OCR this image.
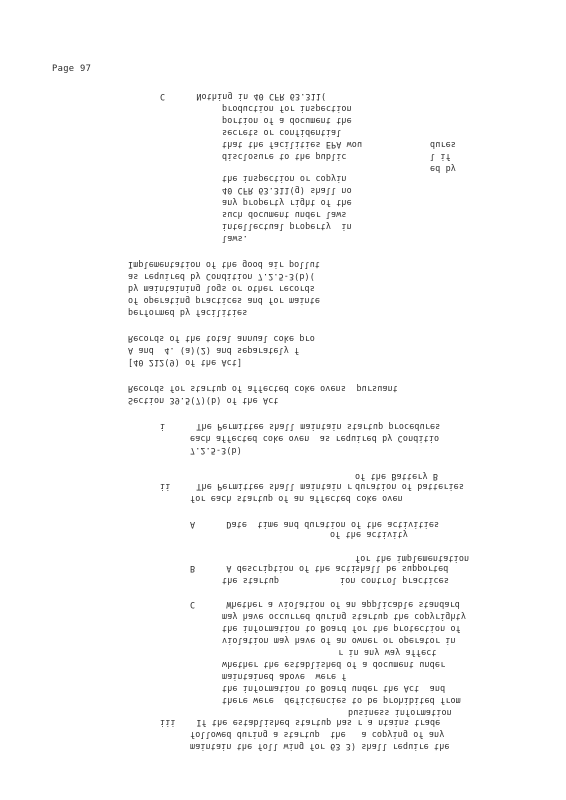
Page 97
C      Nothing in 40 CFR 63.311(
production for inspection
portion of a document the
secrets or confidential
that the facilities EPA wou	dures
disclosure to the public	l if
ed by
the inspection or copyin
40 CFR 63.311(g) shall no
any property right of the
such document under laws
intellectual property  in
laws.
Implementation of the good air pollut
as required by Condition 7.2.5-3(b)(
by maintaining logs or other records
of operating practices and for mainte
performed by facilities
Records of the total annual coke pro
A and  4. (a)(2) and separately f
[40 212(9) of the Act]
Records for startup of affected coke ovens  pursuant
Section 39.5(7)(b) of the Act
i      The Permittee shall maintain startup procedures
each affected coke oven  as required by Conditio
7.2.5-3(b)
of the Battery B
ii     The Permittee shall maintain r duration of batteries
for each startup of an affected coke oven
A      Date  time and duration of the activities
of the activity
for the implementation
B      A description of the acti
shall be supported
the startup	ion control practices
C      Whether a violation of an applicable standard
may have occurred during startup the copyrighty
the information to Board for the protection of
violation may have of an owner or operator in
r in any way affect
whether the established of a document under
maintained above  were f
the information to Board under the Act  and
there were  deficiencies to be prohibited from
business information
iii    If the established startup has r a ntains trade
followed during a startup  the   a copying of any
maintain the foll wing for 63 3) shall require the
